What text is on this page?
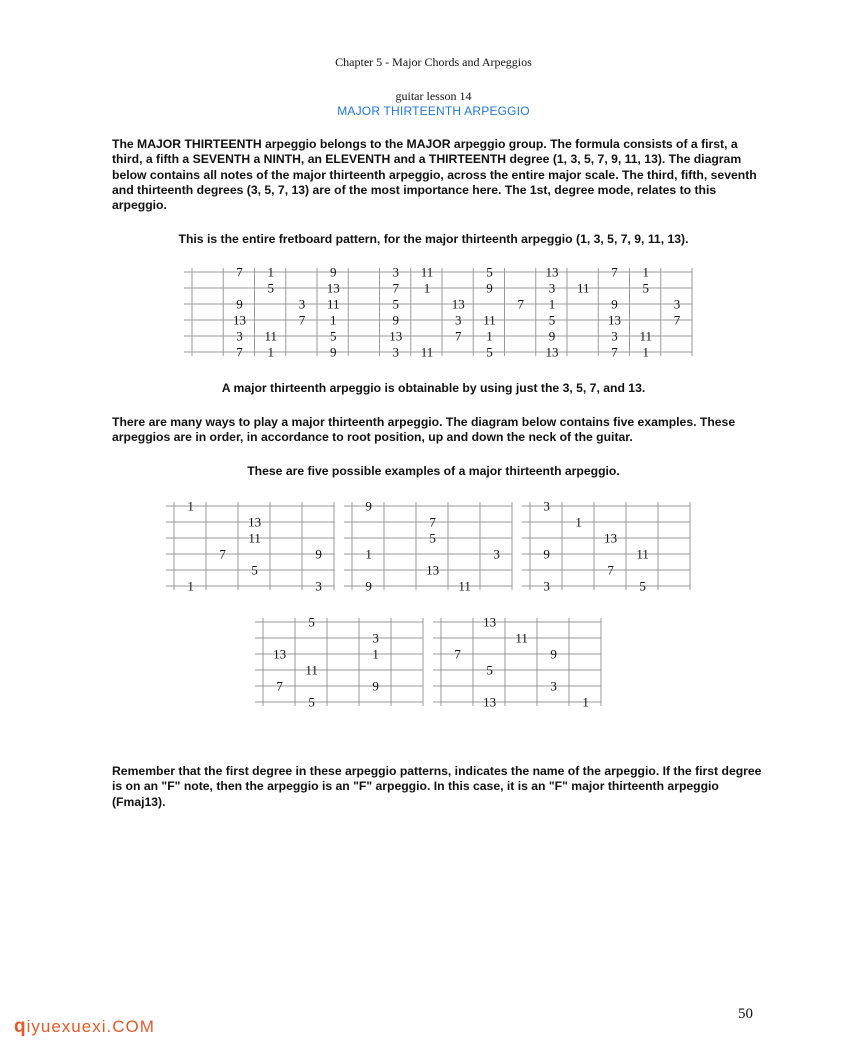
Chapter 5 - Major Chords and Arpeggios
guitar lesson 14
MAJOR THIRTEENTH ARPEGGIO
The MAJOR THIRTEENTH arpeggio belongs to the MAJOR arpeggio group. The formula consists of a first, a third, a fifth a SEVENTH a NINTH, an ELEVENTH and a THIRTEENTH degree (1, 3, 5, 7, 9, 11, 13). The diagram below contains all notes of the major thirteenth arpeggio, across the entire major scale. The third, fifth, seventh and thirteenth degrees (3, 5, 7, 13) are of the most importance here. The 1st, degree mode, relates to this arpeggio.
This is the entire fretboard pattern, for the major thirteenth arpeggio (1, 3, 5, 7, 9, 11, 13).
7 1	9	3 11	5	13	7 1
5	13	7 1	9	3 11	5
9	3 11	5	13	7 1	9	3
13	7 1	9	3 11	5	13	7
3 11	5	13	7 1	9	3 11
7 1	9	3 11	5	13	7 1
A major thirteenth arpeggio is obtainable by using just the 3, 5, 7, and 13.
There are many ways to play a major thirteenth arpeggio. The diagram below contains five examples. These arpeggios are in order, in accordance to root position, up and down the neck of the guitar.
These are five possible examples of a major thirteenth arpeggio.
1
13
11
7	9
5
1	3
9
7
5
1	3
13
9	11
3
1
13
9	11
7
3	5
5
3
13	1
11
7	9
5
13
11
7	9
5
3
13	1
Remember that the first degree in these arpeggio patterns, indicates the name of the arpeggio. If the first degree is on an "F" note, then the arpeggio is an "F" arpeggio. In this case, it is an "F" major thirteenth arpeggio (Fmaj13).
50
qiyuexuexi.COM
